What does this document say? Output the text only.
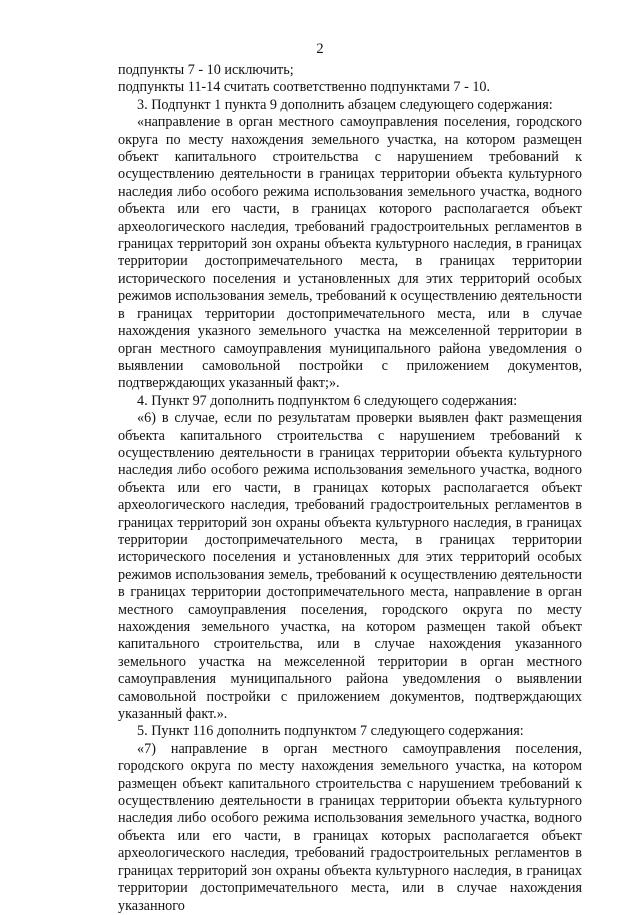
2

подпункты 7 - 10 исключить;

подпункты 11-14 считать соответственно подпунктами 7 - 10.

3. Подпункт 1 пункта 9 дополнить абзацем следующего содержания:

«направление в орган местного самоуправления поселения, городского округа по месту нахождения земельного участка, на котором размещен объект капитального строительства с нарушением требований к осуществлению деятельности в границах территории объекта культурного наследия либо особого режима использования земельного участка, водного объекта или его части, в границах которого располагается объект археологического наследия, требований градостроительных регламентов в границах территорий зон охраны объекта культурного наследия, в границах территории достопримечательного места, в границах территории исторического поселения и установленных для этих территорий особых режимов использования земель, требований к осуществлению деятельности в границах территории достопримечательного места, или в случае нахождения указного земельного участка на межселенной территории в орган местного самоуправления муниципального района уведомления о выявлении самовольной постройки с приложением документов, подтверждающих указанный факт;».

4. Пункт 97 дополнить подпунктом 6 следующего содержания:

«6) в случае, если по результатам проверки выявлен факт размещения объекта капитального строительства с нарушением требований к осуществлению деятельности в границах территории объекта культурного наследия либо особого режима использования земельного участка, водного объекта или его части, в границах которых располагается объект археологического наследия, требований градостроительных регламентов в границах территорий зон охраны объекта культурного наследия, в границах территории достопримечательного места, в границах территории исторического поселения и установленных для этих территорий особых режимов использования земель, требований к осуществлению деятельности в границах территории достопримечательного места, направление в орган местного самоуправления поселения, городского округа по месту нахождения земельного участка, на котором размещен такой объект капитального строительства, или в случае нахождения указанного земельного участка на межселенной территории в орган местного самоуправления муниципального района уведомления о выявлении самовольной постройки с приложением документов, подтверждающих указанный факт.».

5. Пункт 116 дополнить подпунктом 7 следующего содержания:

«7) направление в орган местного самоуправления поселения, городского округа по месту нахождения земельного участка, на котором размещен объект капитального строительства с нарушением требований к осуществлению деятельности в границах территории объекта культурного наследия либо особого режима использования земельного участка, водного объекта или его части, в границах которых располагается объект археологического наследия, требований градостроительных регламентов в границах территорий зон охраны объекта культурного наследия, в границах территории достопримечательного места, или в случае нахождения указанного
